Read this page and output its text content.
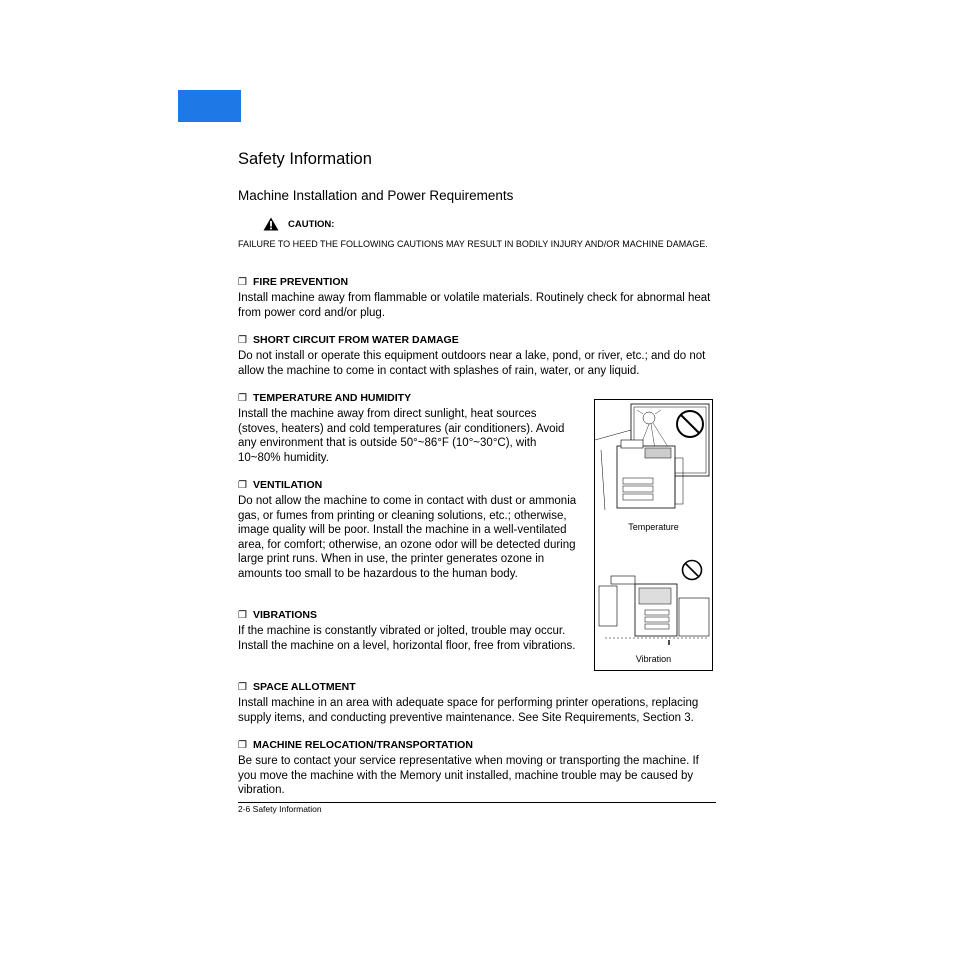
Safety Information
Machine Installation and Power Requirements
CAUTION:
FAILURE TO HEED THE FOLLOWING CAUTIONS MAY RESULT IN BODILY INJURY AND/OR MACHINE DAMAGE.
❐ FIRE PREVENTION
Install machine away from flammable or volatile materials. Routinely check for abnormal heat from power cord and/or plug.
❐ SHORT CIRCUIT FROM WATER DAMAGE
Do not install or operate this equipment outdoors near a lake, pond, or river, etc.; and do not allow the machine to come in contact with splashes of rain, water, or any liquid.
❐ TEMPERATURE AND HUMIDITY
Install the machine away from direct sunlight, heat sources (stoves, heaters) and cold temperatures (air conditioners). Avoid any environment that is outside 50°~86°F (10°~30°C), with 10~80% humidity.
❐ VENTILATION
Do not allow the machine to come in contact with dust or ammonia gas, or fumes from printing or cleaning solutions, etc.; otherwise, image quality will be poor. Install the machine in a well-ventilated area, for comfort; otherwise, an ozone odor will be detected during large print runs. When in use, the printer generates ozone in amounts too small to be hazardous to the human body.
❐ VIBRATIONS
If the machine is constantly vibrated or jolted, trouble may occur. Install the machine on a level, horizontal floor, free from vibrations.
❐ SPACE ALLOTMENT
Install machine in an area with adequate space for performing printer operations, replacing supply items, and conducting preventive maintenance. See Site Requirements, Section 3.
❐ MACHINE RELOCATION/TRANSPORTATION
Be sure to contact your service representative when moving or transporting the machine. If you move the machine with the Memory unit installed, machine trouble may be caused by vibration.
Temperature
Vibration
2-6 Safety Information
